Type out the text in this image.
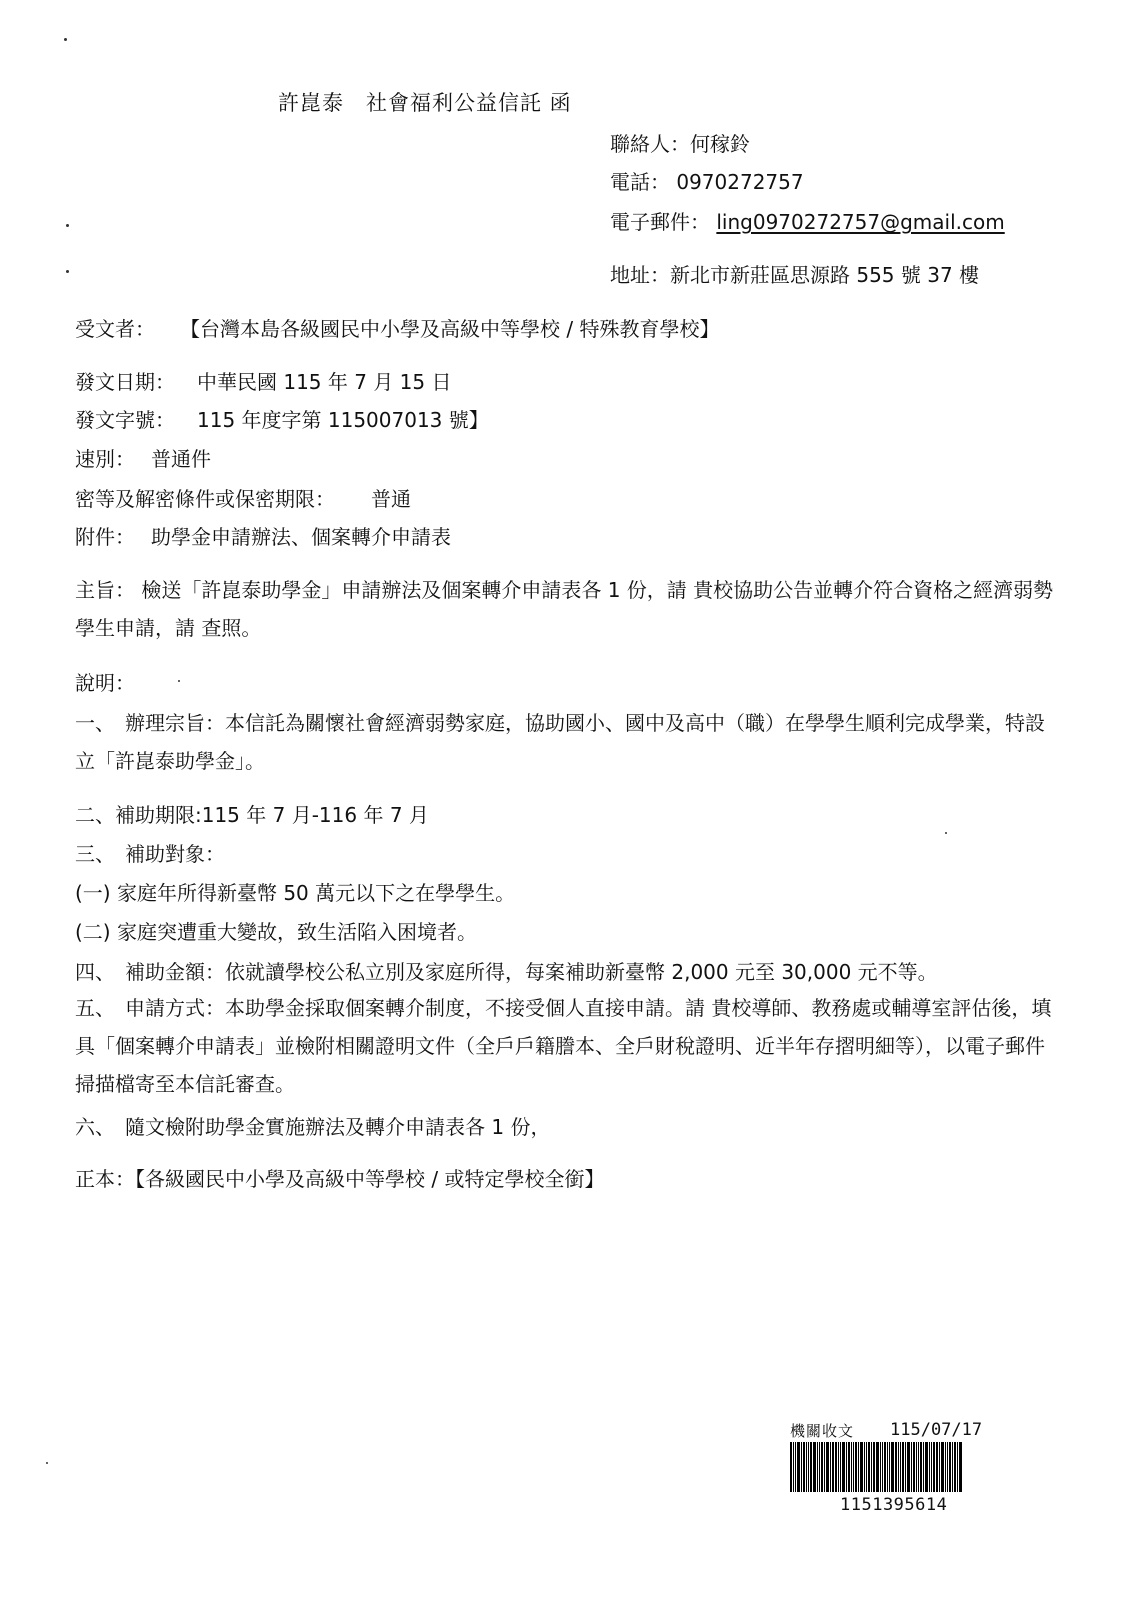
許崑泰 社會福利公益信託 函
聯絡人：何稼鈴
電話： 0970272757
電子郵件： ling0970272757@gmail.com
地址：新北市新莊區思源路 555 號 37 樓
受文者： 【台灣本島各級國民中小學及高級中等學校 / 特殊教育學校】
發文日期： 中華民國 115 年 7 月 15 日
發文字號： 115 年度字第 115007013 號】
速別： 普通件
密等及解密條件或保密期限： 普通
附件： 助學金申請辦法、個案轉介申請表
主旨： 檢送「許崑泰助學金」申請辦法及個案轉介申請表各 1 份，請 貴校協助公告並轉介符合資格之經濟弱勢學生申請，請 查照。
說明：
一、　辦理宗旨：本信託為關懷社會經濟弱勢家庭，協助國小、國中及高中（職）在學學生順利完成學業，特設立「許崑泰助學金」。
二、補助期限:115 年 7 月-116 年 7 月
三、　補助對象：
(一) 家庭年所得新臺幣 50 萬元以下之在學學生。
(二) 家庭突遭重大變故，致生活陷入困境者。
四、　補助金額：依就讀學校公私立別及家庭所得，每案補助新臺幣 2,000 元至 30,000 元不等。
五、　申請方式：本助學金採取個案轉介制度，不接受個人直接申請。請 貴校導師、教務處或輔導室評估後，填具「個案轉介申請表」並檢附相關證明文件（全戶戶籍謄本、全戶財稅證明、近半年存摺明細等），以電子郵件掃描檔寄至本信託審查。
六、　隨文檢附助學金實施辦法及轉介申請表各 1 份，
正本：【各級國民中小學及高級中等學校 / 或特定學校全銜】
機關收文 115/07/17
1151395614
